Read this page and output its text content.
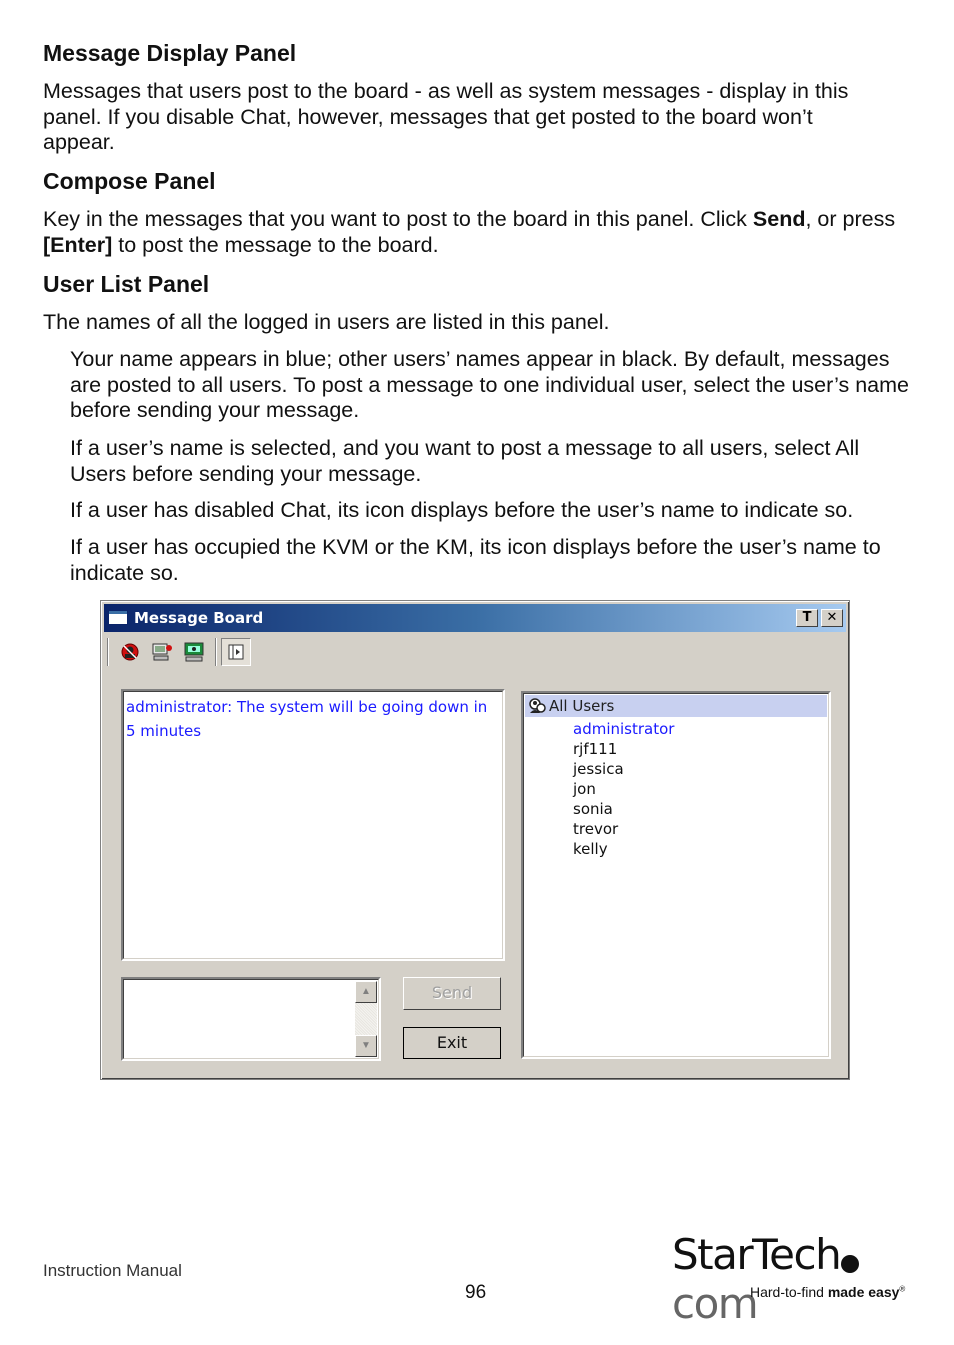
Message Display Panel

Messages that users post to the board - as well as system messages - display in this panel. If you disable Chat, however, messages that get posted to the board won’t appear.

Compose Panel

Key in the messages that you want to post to the board in this panel. Click Send, or press [Enter] to post the message to the board.

User List Panel

The names of all the logged in users are listed in this panel.

Your name appears in blue; other users’ names appear in black. By default, messages are posted to all users. To post a message to one individual user, select the user’s name before sending your message.

If a user’s name is selected, and you want to post a message to all users, select All Users before sending your message.

If a user has disabled Chat, its icon displays before the user’s name to indicate so.

If a user has occupied the KVM or the KM, its icon displays before the user’s name to indicate so.

Message Board	T	✕
administrator: The system will be going down in 5 minutes
▲
▼
Send
Exit
All Users
administrator
rjf111
jessica
jon
sonia
trevor
kelly
Instruction Manual
96
StarTechcom
Hard-to-find made easy®
